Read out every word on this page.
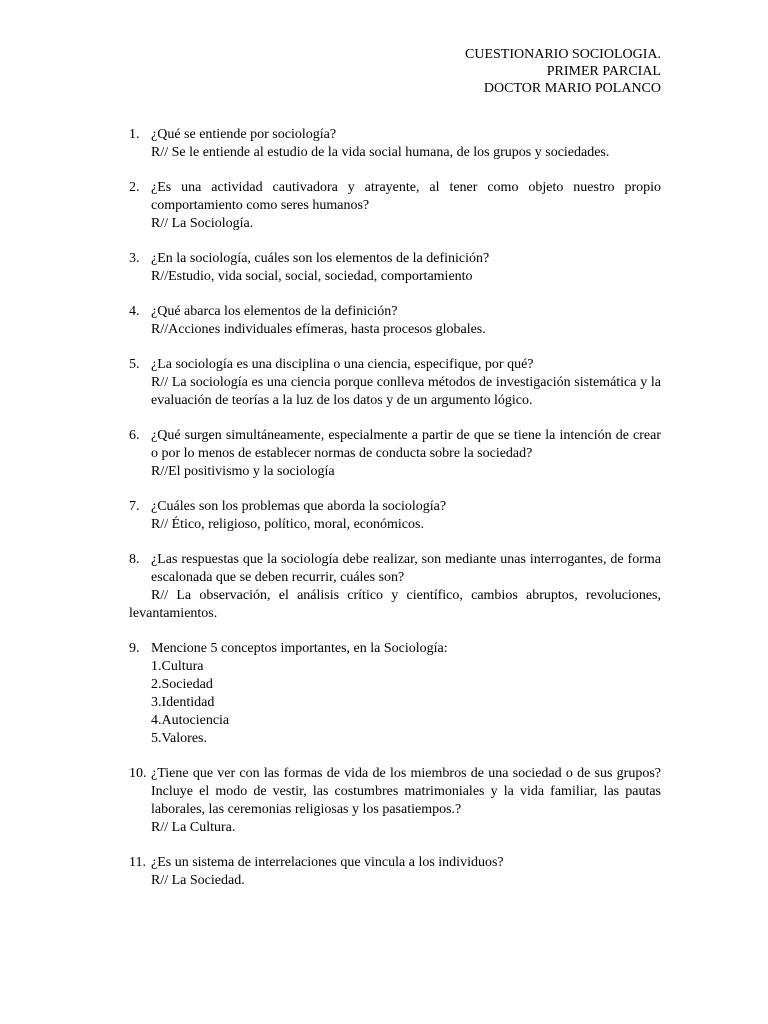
CUESTIONARIO SOCIOLOGIA.
PRIMER PARCIAL
DOCTOR MARIO POLANCO
1. ¿Qué se entiende por sociología?
R// Se le entiende al estudio de la vida social humana, de los grupos y sociedades.
2. ¿Es una actividad cautivadora y atrayente, al tener como objeto nuestro propio comportamiento como seres humanos?
R// La Sociología.
3. ¿En la sociología, cuáles son los elementos de la definición?
R//Estudio, vida social, social, sociedad, comportamiento
4. ¿Qué abarca los elementos de la definición?
R//Acciones individuales efímeras, hasta procesos globales.
5. ¿La sociología es una disciplina o una ciencia, especifique, por qué?
R// La sociología es una ciencia porque conlleva métodos de investigación sistemática y la evaluación de teorías a la luz de los datos y de un argumento lógico.
6. ¿Qué surgen simultáneamente, especialmente a partir de que se tiene la intención de crear o por lo menos de establecer normas de conducta sobre la sociedad?
R//El positivismo y la sociología
7. ¿Cuáles son los problemas que aborda la sociología?
R// Ético, religioso, político, moral, económicos.
8. ¿Las respuestas que la sociología debe realizar, son mediante unas interrogantes, de forma escalonada que se deben recurrir, cuáles son?
R// La observación, el análisis crítico y científico, cambios abruptos, revoluciones, levantamientos.
9. Mencione 5 conceptos importantes, en la Sociología:
1.Cultura
2.Sociedad
3.Identidad
4.Autociencia
5.Valores.
10. ¿Tiene que ver con las formas de vida de los miembros de una sociedad o de sus grupos? Incluye el modo de vestir, las costumbres matrimoniales y la vida familiar, las pautas laborales, las ceremonias religiosas y los pasatiempos.?
R// La Cultura.
11. ¿Es un sistema de interrelaciones que vincula a los individuos?
R// La Sociedad.
